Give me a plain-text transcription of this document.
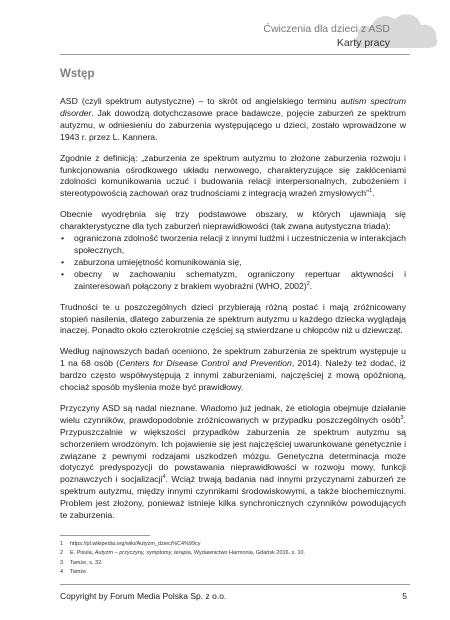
Ćwiczenia dla dzieci z ASD
Karty pracy
Wstęp

ASD (czyli spektrum autystyczne) – to skrót od angielskiego terminu autism spectrum disorder. Jak dowodzą dotychczasowe prace badawcze, pojęcie zaburzeń ze spektrum autyzmu, w odniesieniu do zaburzenia występującego u dzieci, zostało wprowadzone w 1943 r. przez L. Kannera.

Zgodnie z definicją: „zaburzenia ze spektrum autyzmu to złożone zaburzenia rozwoju i funkcjonowania ośrodkowego układu nerwowego, charakteryzujące się zakłóceniami zdolności komunikowania uczuć i budowania relacji interpersonalnych, zubożeniem i stereotypowością zachowań oraz trudnościami z integracją wrażeń zmysłowych”$^1$.

Obecnie wyodrębnia się trzy podstawowe obszary, w których ujawniają się charakterystyczne dla tych zaburzeń nieprawidłowości (tak zwana autystyczna triada):

• ograniczona zdolność tworzenia relacji z innymi ludźmi i uczestniczenia w interakcjach społecznych,
• zaburzona umiejętność komunikowania się,
• obecny w zachowaniu schematyzm, ograniczony repertuar aktywności i zainteresowań połączony z brakiem wyobraźni (WHO, 2002)$^2$.

Trudności te u poszczególnych dzieci przybierają różną postać i mają zróżnicowany stopień nasilenia, dlatego zaburzenia ze spektrum autyzmu u każdego dziecka wyglądają inaczej. Ponadto około czterokrotnie częściej są stwierdzane u chłopców niż u dziewcząt.

Według najnowszych badań oceniono, że spektrum zaburzenia ze spektrum występuje u 1 na 68 osób (Centers for Disease Control and Prevention, 2014). Należy też dodać, iż bardzo często współwystępują z innymi zaburzeniami, najczęściej z mową opóźnioną, chociaż sposób myślenia może być prawidłowy.

Przyczyny ASD są nadal nieznane. Wiadomo już jednak, że etiologia obejmuje działanie wielu czynników, prawdopodobnie zróżnicowanych w przypadku poszczególnych osób$^3$. Przypuszczalnie w większości przypadków zaburzenia ze spektrum autyzmu są schorzeniem wrodzonym. Ich pojawienie się jest najczęściej uwarunkowane genetycznie i związane z pewnymi rodzajami uszkodzeń mózgu. Genetyczna determinacja może dotyczyć predyspozycji do powstawania nieprawidłowości w rozwoju mowy, funkcji poznawczych i socjalizacji$^4$. Wciąż trwają badania nad innymi przyczynami zaburzeń ze spektrum autyzmu, między innymi czynnikami środowiskowymi, a także biochemicznymi. Problem jest złożony, ponieważ istnieje kilka synchronicznych czynników powodujących te zaburzenia.

1 https://pl.wikipedia.org/wiki/Autyzm_dzieci%C4%99cy
2 E. Pisula, Autyzm – przyczyny, symptomy, terapia, Wydawnictwo Harmonia, Gdańsk 2016, s. 10.
3 Tamże, s. 32.
4 Tamże.
Copyright by Forum Media Polska Sp. z o.o.	5
